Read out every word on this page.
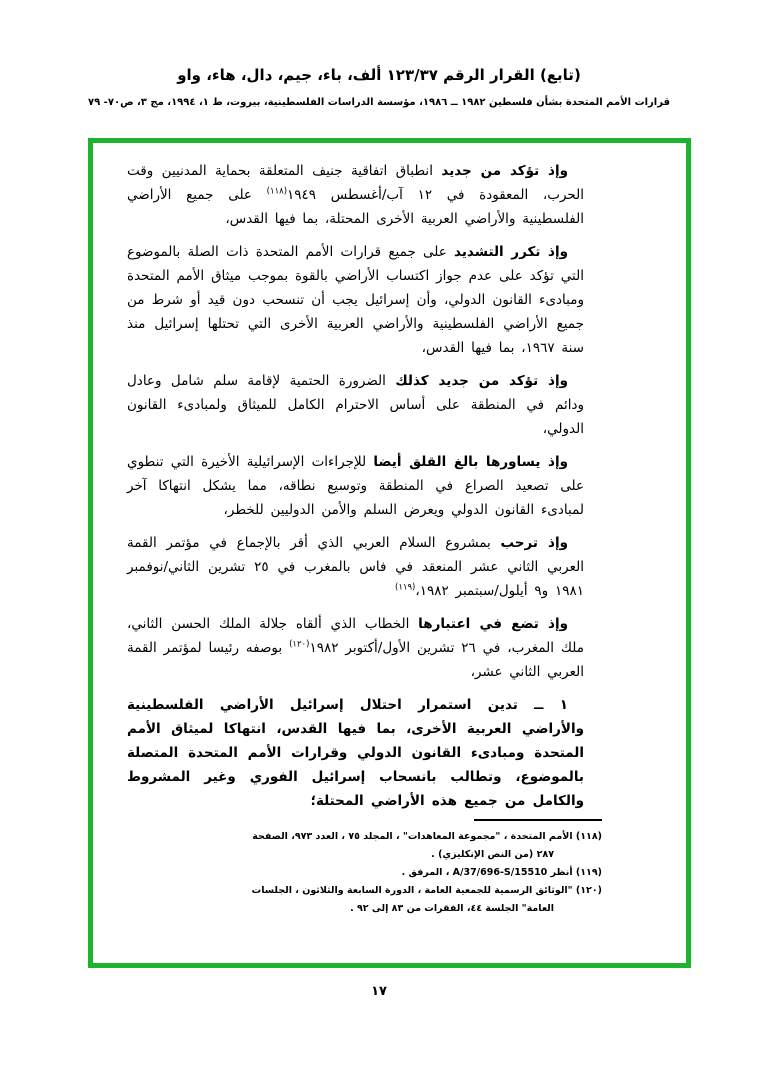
(تابع) القرار الرقم ١٢٣/٣٧ ألف، باء، جيم، دال، هاء، واو
قرارات الأمم المتحدة بشأن فلسطين ١٩٨٢ ــ ١٩٨٦، مؤسسة الدراسات الفلسطينية، بيروت، ط ١، ١٩٩٤، مج ٣، ص٧٠- ٧٩

وإذ تؤكد من جديد انطباق اتفاقية جنيف المتعلقة بحماية المدنيين وقت الحرب، المعقودة في ١٢ آب/أغسطس ١٩٤٩$^{(١١٨)}$ على جميع الأراضي الفلسطينية والأراضي العربية الأخرى المحتلة، بما فيها القدس،

وإذ تكرر التشديد على جميع قرارات الأمم المتحدة ذات الصلة بالموضوع التي تؤكد على عدم جواز اكتساب الأراضي بالقوة بموجب ميثاق الأمم المتحدة ومبادىء القانون الدولي، وأن إسرائيل يجب أن تنسحب دون قيد أو شرط من جميع الأراضي الفلسطينية والأراضي العربية الأخرى التي تحتلها إسرائيل منذ سنة ١٩٦٧، بما فيها القدس،

وإذ تؤكد من جديد كذلك الضرورة الحتمية لإقامة سلم شامل وعادل ودائم في المنطقة على أساس الاحترام الكامل للميثاق ولمبادىء القانون الدولي،

وإذ يساورها بالغ القلق أيضا للإجراءات الإسرائيلية الأخيرة التي تنطوي على تصعيد الصراع في المنطقة وتوسيع نطاقه، مما يشكل انتهاكا آخر لمبادىء القانون الدولي ويعرض السلم والأمن الدوليين للخطر،

وإذ ترحب بمشروع السلام العربي الذي أقر بالإجماع في مؤتمر القمة العربي الثاني عشر المنعقد في فاس بالمغرب في ٢٥ تشرين الثاني/نوفمبر ١٩٨١ و٩ أيلول/سبتمبر ١٩٨٢،$^{(١١٩)}$

وإذ تضع في اعتبارها الخطاب الذي ألقاه جلالة الملك الحسن الثاني، ملك المغرب، في ٢٦ تشرين الأول/أكتوبر ١٩٨٢$^{(١٢٠)}$ بوصفه رئيسا لمؤتمر القمة العربي الثاني عشر،

١ ــ تدين استمرار احتلال إسرائيل الأراضي الفلسطينية والأراضي العربية الأخرى، بما فيها القدس، انتهاكا لميثاق الأمم المتحدة ومبادىء القانون الدولي وقرارات الأمم المتحدة المتصلة بالموضوع، وتطالب بانسحاب إسرائيل الفوري وغير المشروط والكامل من جميع هذه الأراضي المحتلة؛

(١١٨) الأمم المتحدة ، "مجموعة المعاهدات" ، المجلد ٧٥ ، العدد ٩٧٣، الصفحة
٢٨٧ (من النص الإنكليزي) .
(١١٩) أنظر A/37/696-S/15510 ، المرفق .
(١٢٠) "الوثائق الرسمية للجمعية العامة ، الدورة السابعة والثلاثون ، الجلسات
العامة" الجلسة ٤٤، الفقرات من ٨٣ إلى ٩٢ .
١٧
